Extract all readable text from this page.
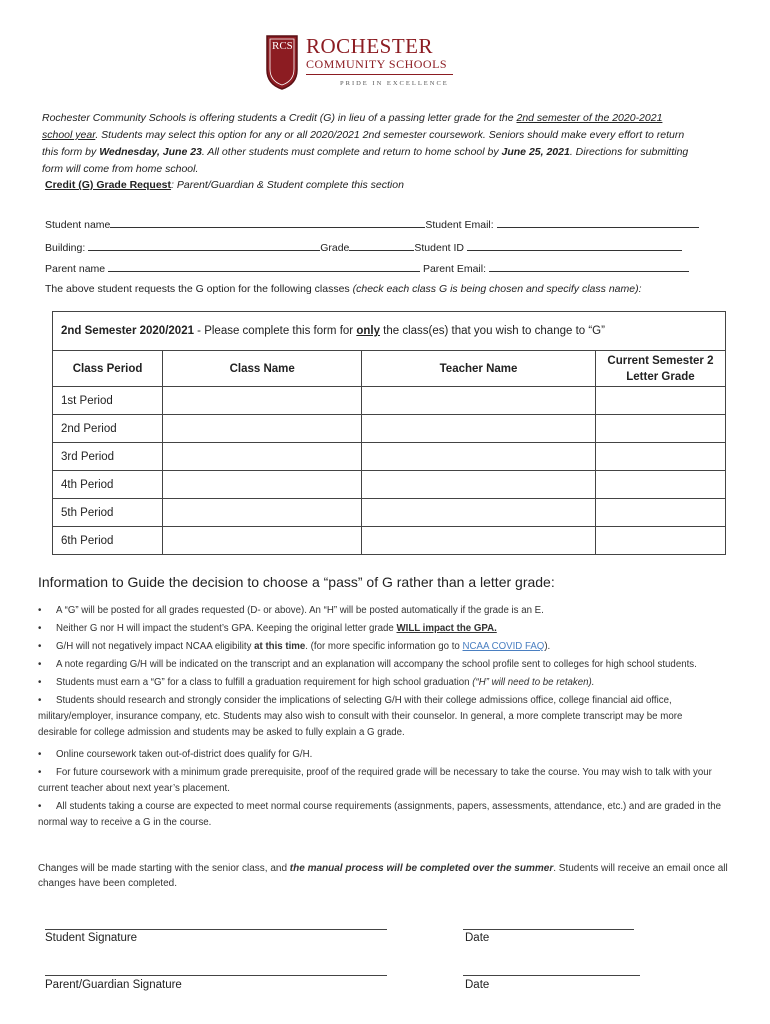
RCS ROCHESTER
COMMUNITY SCHOOLS
PRIDE IN EXCELLENCE
Rochester Community Schools is offering students a Credit (G) in lieu of a passing letter grade for the 2nd semester of the 2020-2021 school year. Students may select this option for any or all 2020/2021 2nd semester coursework. Seniors should make every effort to return this form by Wednesday, June 23. All other students must complete and return to home school by June 25, 2021. Directions for submitting form will come from home school.
Credit (G) Grade Request: Parent/Guardian & Student complete this section
Student name	Student Email:
Building:	Grade	Student ID
Parent name	Parent Email:
The above student requests the G option for the following classes (check each class G is being chosen and specify class name):
2nd Semester 2020/2021 - Please complete this form for only the class(es) that you wish to change to “G”				
Class Period	Class Name	Teacher Name	Current Semester 2
Letter Grade	
1st Period				
2nd Period				
3rd Period				
4th Period				
5th Period				
6th Period				
Information to Guide the decision to choose a “pass” of G rather than a letter grade:
• A “G” will be posted for all grades requested (D- or above). An “H” will be posted automatically if the grade is an E.
• Neither G nor H will impact the student’s GPA. Keeping the original letter grade WILL impact the GPA.
• G/H will not negatively impact NCAA eligibility at this time. (for more specific information go to NCAA COVID FAQ).
• A note regarding G/H will be indicated on the transcript and an explanation will accompany the school profile sent to colleges for high school students.
• Students must earn a “G” for a class to fulfill a graduation requirement for high school graduation (“H” will need to be retaken).
• Students should research and strongly consider the implications of selecting G/H with their college admissions office, college financial aid office, military/employer, insurance company, etc. Students may also wish to consult with their counselor. In general, a more complete transcript may be more desirable for college admission and students may be asked to fully explain a G grade.
• Online coursework taken out-of-district does qualify for G/H.
• For future coursework with a minimum grade prerequisite, proof of the required grade will be necessary to take the course. You may wish to talk with your current teacher about next year’s placement.
• All students taking a course are expected to meet normal course requirements (assignments, papers, assessments, attendance, etc.) and are graded in the normal way to receive a G in the course.
Changes will be made starting with the senior class, and the manual process will be completed over the summer. Students will receive an email once all changes have been completed.
Student Signature	Date
Parent/Guardian Signature	Date
